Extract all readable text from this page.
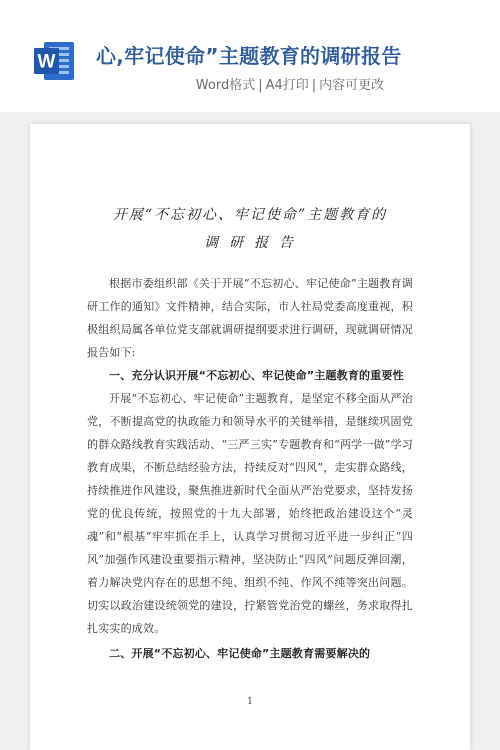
W 心,牢记使命”主题教育的调研报告
Word格式 | A4打印 | 内容可更改
开展“不忘初心、牢记使命”主题教育的
调研报告

根据市委组织部《关于开展“不忘初心、牢记使命”主题教育调研工作的通知》文件精神，结合实际，市人社局党委高度重视，积极组织局属各单位党支部就调研提纲要求进行调研，现就调研情况报告如下:

一、充分认识开展“不忘初心、牢记使命”主题教育的重要性

开展“不忘初心、牢记使命”主题教育，是坚定不移全面从严治党，不断提高党的执政能力和领导水平的关键举措，是继续巩固党的群众路线教育实践活动、“三严三实”专题教育和“两学一做”学习教育成果，不断总结经验方法，持续反对“四风”，走实群众路线，持续推进作风建设，聚焦推进新时代全面从严治党要求，坚持发扬党的优良传统，按照党的十九大部署，始终把政治建设这个“灵魂”和“根基”牢牢抓在手上，认真学习贯彻习近平进一步纠正“四风”加强作风建设重要指示精神，坚决防止“四风”问题反弹回潮，着力解决党内存在的思想不纯、组织不纯、作风不纯等突出问题。切实以政治建设统领党的建设，拧紧管党治党的螺丝，务求取得扎扎实实的成效。

二、开展“不忘初心、牢记使命”主题教育需要解决的

1
